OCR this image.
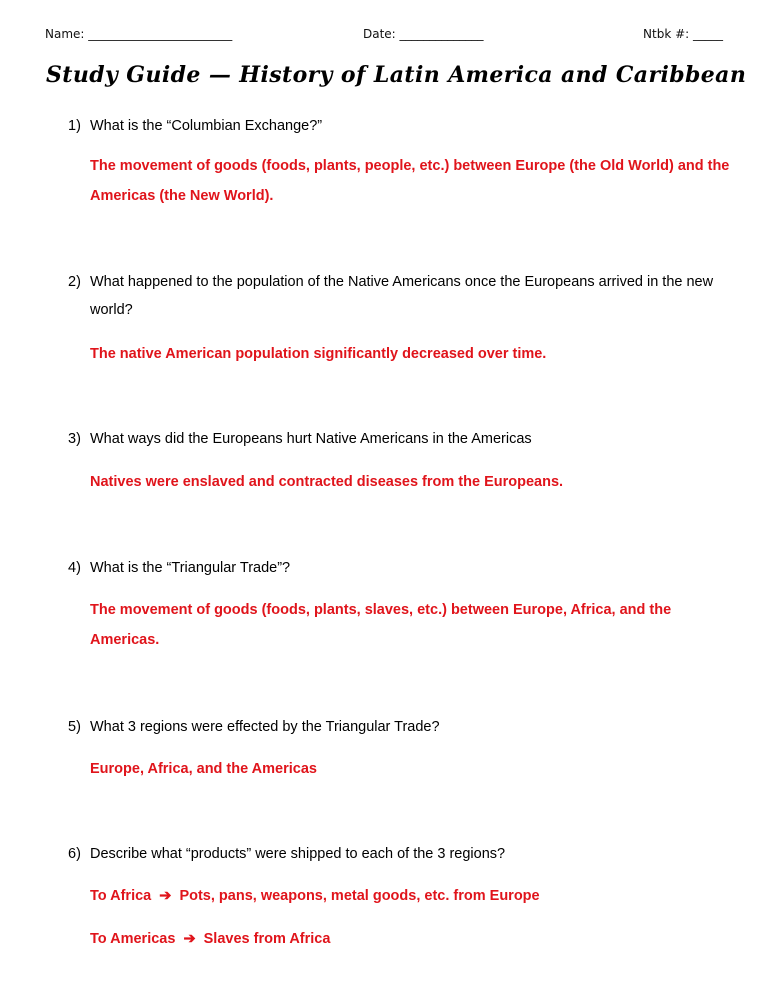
Name: ________________________	Date: ______________	Ntbk #: _____
Study Guide — History of Latin America and Caribbean
1) What is the “Columbian Exchange?”
The movement of goods (foods, plants, people, etc.) between Europe (the Old World) and the Americas (the New World).
2) What happened to the population of the Native Americans once the Europeans arrived in the new world?
The native American population significantly decreased over time.
3) What ways did the Europeans hurt Native Americans in the Americas
Natives were enslaved and contracted diseases from the Europeans.
4) What is the “Triangular Trade”?
The movement of goods (foods, plants, slaves, etc.) between Europe, Africa, and the Americas.
5) What 3 regions were effected by the Triangular Trade?
Europe, Africa, and the Americas
6) Describe what “products” were shipped to each of the 3 regions?
To Africa ➔ Pots, pans, weapons, metal goods, etc. from Europe
To Americas ➔ Slaves from Africa
